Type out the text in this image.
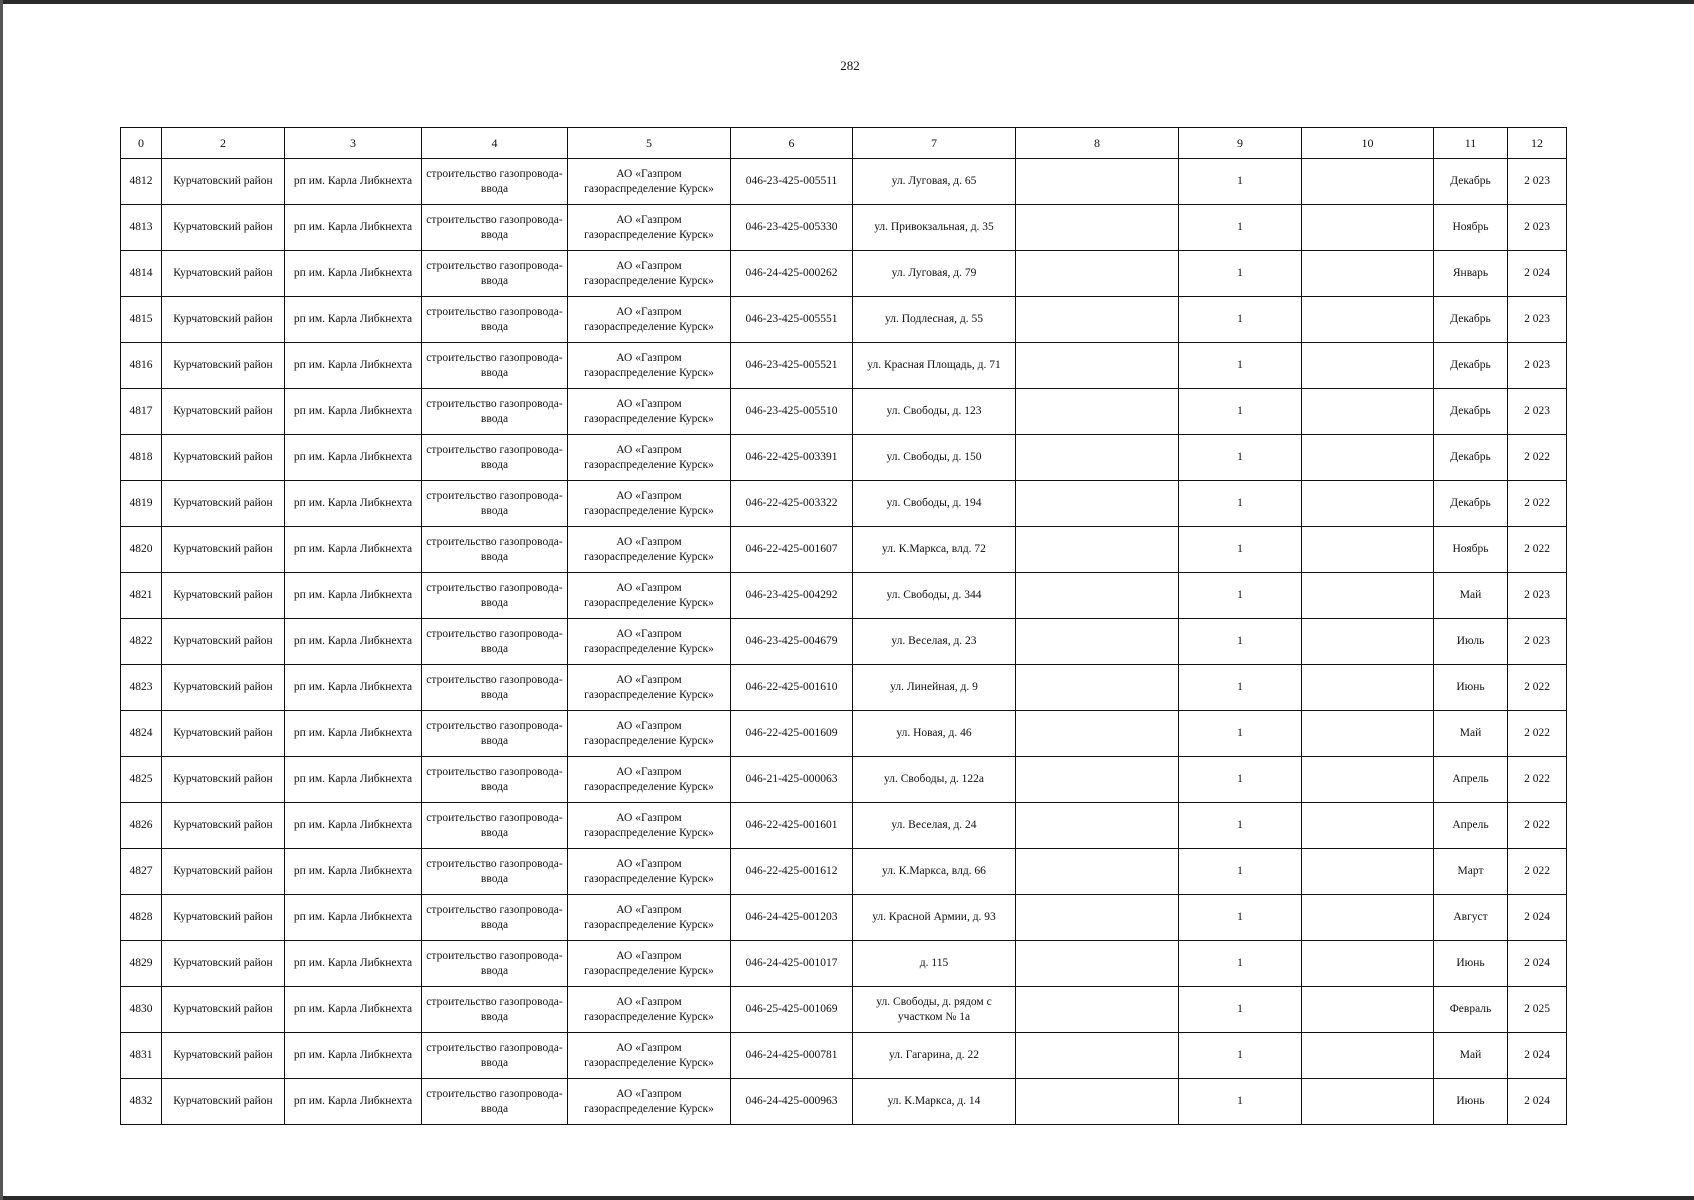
282
0	2	3	4	5	6	7	8	9	10	11	12
4812	Курчатовский район	рп им. Карла Либкнехта	строительство газопровода-ввода	АО «Газпром газораспределение Курск»	046-23-425-005511	ул. Луговая, д. 65		1		Декабрь	2 023
4813	Курчатовский район	рп им. Карла Либкнехта	строительство газопровода-ввода	АО «Газпром газораспределение Курск»	046-23-425-005330	ул. Привокзальная, д. 35		1		Ноябрь	2 023
4814	Курчатовский район	рп им. Карла Либкнехта	строительство газопровода-ввода	АО «Газпром газораспределение Курск»	046-24-425-000262	ул. Луговая, д. 79		1		Январь	2 024
4815	Курчатовский район	рп им. Карла Либкнехта	строительство газопровода-ввода	АО «Газпром газораспределение Курск»	046-23-425-005551	ул. Подлесная, д. 55		1		Декабрь	2 023
4816	Курчатовский район	рп им. Карла Либкнехта	строительство газопровода-ввода	АО «Газпром газораспределение Курск»	046-23-425-005521	ул. Красная Площадь, д. 71		1		Декабрь	2 023
4817	Курчатовский район	рп им. Карла Либкнехта	строительство газопровода-ввода	АО «Газпром газораспределение Курск»	046-23-425-005510	ул. Свободы, д. 123		1		Декабрь	2 023
4818	Курчатовский район	рп им. Карла Либкнехта	строительство газопровода-ввода	АО «Газпром газораспределение Курск»	046-22-425-003391	ул. Свободы, д. 150		1		Декабрь	2 022
4819	Курчатовский район	рп им. Карла Либкнехта	строительство газопровода-ввода	АО «Газпром газораспределение Курск»	046-22-425-003322	ул. Свободы, д. 194		1		Декабрь	2 022
4820	Курчатовский район	рп им. Карла Либкнехта	строительство газопровода-ввода	АО «Газпром газораспределение Курск»	046-22-425-001607	ул. К.Маркса, влд. 72		1		Ноябрь	2 022
4821	Курчатовский район	рп им. Карла Либкнехта	строительство газопровода-ввода	АО «Газпром газораспределение Курск»	046-23-425-004292	ул. Свободы, д. 344		1		Май	2 023
4822	Курчатовский район	рп им. Карла Либкнехта	строительство газопровода-ввода	АО «Газпром газораспределение Курск»	046-23-425-004679	ул. Веселая, д. 23		1		Июль	2 023
4823	Курчатовский район	рп им. Карла Либкнехта	строительство газопровода-ввода	АО «Газпром газораспределение Курск»	046-22-425-001610	ул. Линейная, д. 9		1		Июнь	2 022
4824	Курчатовский район	рп им. Карла Либкнехта	строительство газопровода-ввода	АО «Газпром газораспределение Курск»	046-22-425-001609	ул. Новая, д. 46		1		Май	2 022
4825	Курчатовский район	рп им. Карла Либкнехта	строительство газопровода-ввода	АО «Газпром газораспределение Курск»	046-21-425-000063	ул. Свободы, д. 122а		1		Апрель	2 022
4826	Курчатовский район	рп им. Карла Либкнехта	строительство газопровода-ввода	АО «Газпром газораспределение Курск»	046-22-425-001601	ул. Веселая, д. 24		1		Апрель	2 022
4827	Курчатовский район	рп им. Карла Либкнехта	строительство газопровода-ввода	АО «Газпром газораспределение Курск»	046-22-425-001612	ул. К.Маркса, влд. 66		1		Март	2 022
4828	Курчатовский район	рп им. Карла Либкнехта	строительство газопровода-ввода	АО «Газпром газораспределение Курск»	046-24-425-001203	ул. Красной Армии, д. 93		1		Август	2 024
4829	Курчатовский район	рп им. Карла Либкнехта	строительство газопровода-ввода	АО «Газпром газораспределение Курск»	046-24-425-001017	д. 115		1		Июнь	2 024
4830	Курчатовский район	рп им. Карла Либкнехта	строительство газопровода-ввода	АО «Газпром газораспределение Курск»	046-25-425-001069	ул. Свободы, д. рядом с участком № 1а		1		Февраль	2 025
4831	Курчатовский район	рп им. Карла Либкнехта	строительство газопровода-ввода	АО «Газпром газораспределение Курск»	046-24-425-000781	ул. Гагарина, д. 22		1		Май	2 024
4832	Курчатовский район	рп им. Карла Либкнехта	строительство газопровода-ввода	АО «Газпром газораспределение Курск»	046-24-425-000963	ул. К.Маркса, д. 14		1		Июнь	2 024
